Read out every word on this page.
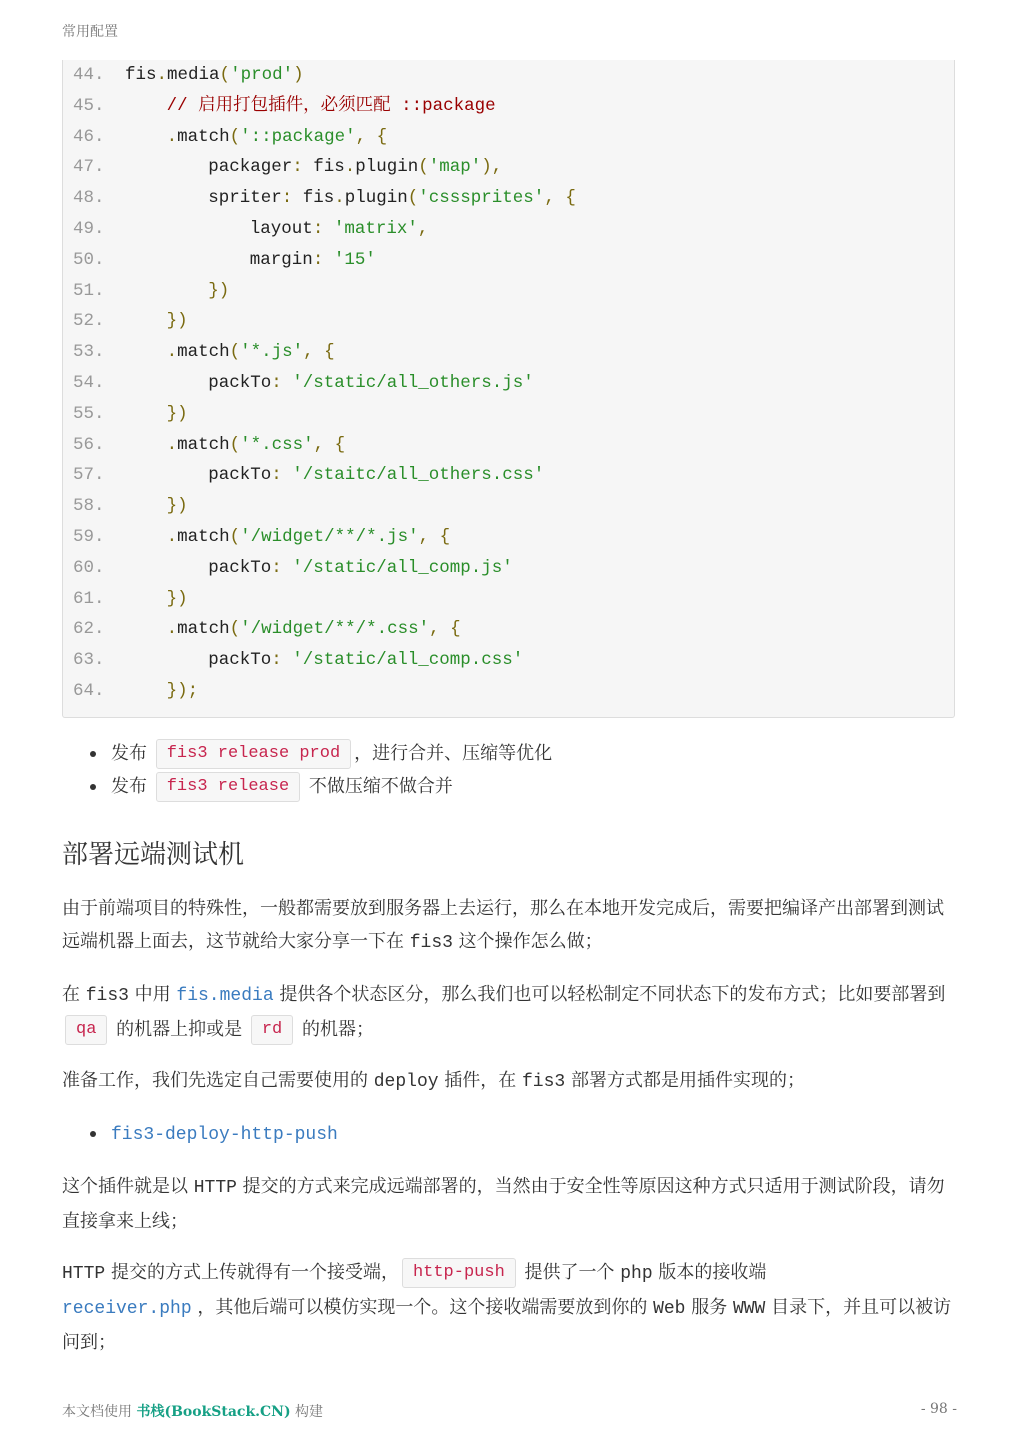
常用配置
44.	fis.media('prod')
45.	// 启用打包插件，必须匹配 ::package
46.	.match('::package', {
47.	packager: fis.plugin('map'),
48.	spriter: fis.plugin('csssprites', {
49.	layout: 'matrix',
50.	margin: '15'
51.	})
52.	})
53.	.match('*.js', {
54.	packTo: '/static/all_others.js'
55.	})
56.	.match('*.css', {
57.	packTo: '/staitc/all_others.css'
58.	})
59.	.match('/widget/**/*.js', {
60.	packTo: '/static/all_comp.js'
61.	})
62.	.match('/widget/**/*.css', {
63.	packTo: '/static/all_comp.css'
64.	});
发布 fis3 release prod ，进行合并、压缩等优化
发布 fis3 release 不做压缩不做合并
部署远端测试机

由于前端项目的特殊性，一般都需要放到服务器上去运行，那么在本地开发完成后，需要把编译产出部署到测试远端机器上面去，这节就给大家分享一下在 fis3 这个操作怎么做；

在 fis3 中用 fis.media 提供各个状态区分，那么我们也可以轻松制定不同状态下的发布方式；比如要部署到 qa 的机器上抑或是 rd 的机器；

准备工作，我们先选定自己需要使用的 deploy 插件，在 fis3 部署方式都是用插件实现的；

fis3-deploy-http-push

这个插件就是以 HTTP 提交的方式来完成远端部署的，当然由于安全性等原因这种方式只适用于测试阶段，请勿直接拿来上线；

HTTP 提交的方式上传就得有一个接受端， http-push 提供了一个 php 版本的接收端
receiver.php ，其他后端可以模仿实现一个。这个接收端需要放到你的 Web 服务 WWW 目录下，并且可以被访问到；

本文档使用 书栈(BookStack.CN) 构建	- 98 -
